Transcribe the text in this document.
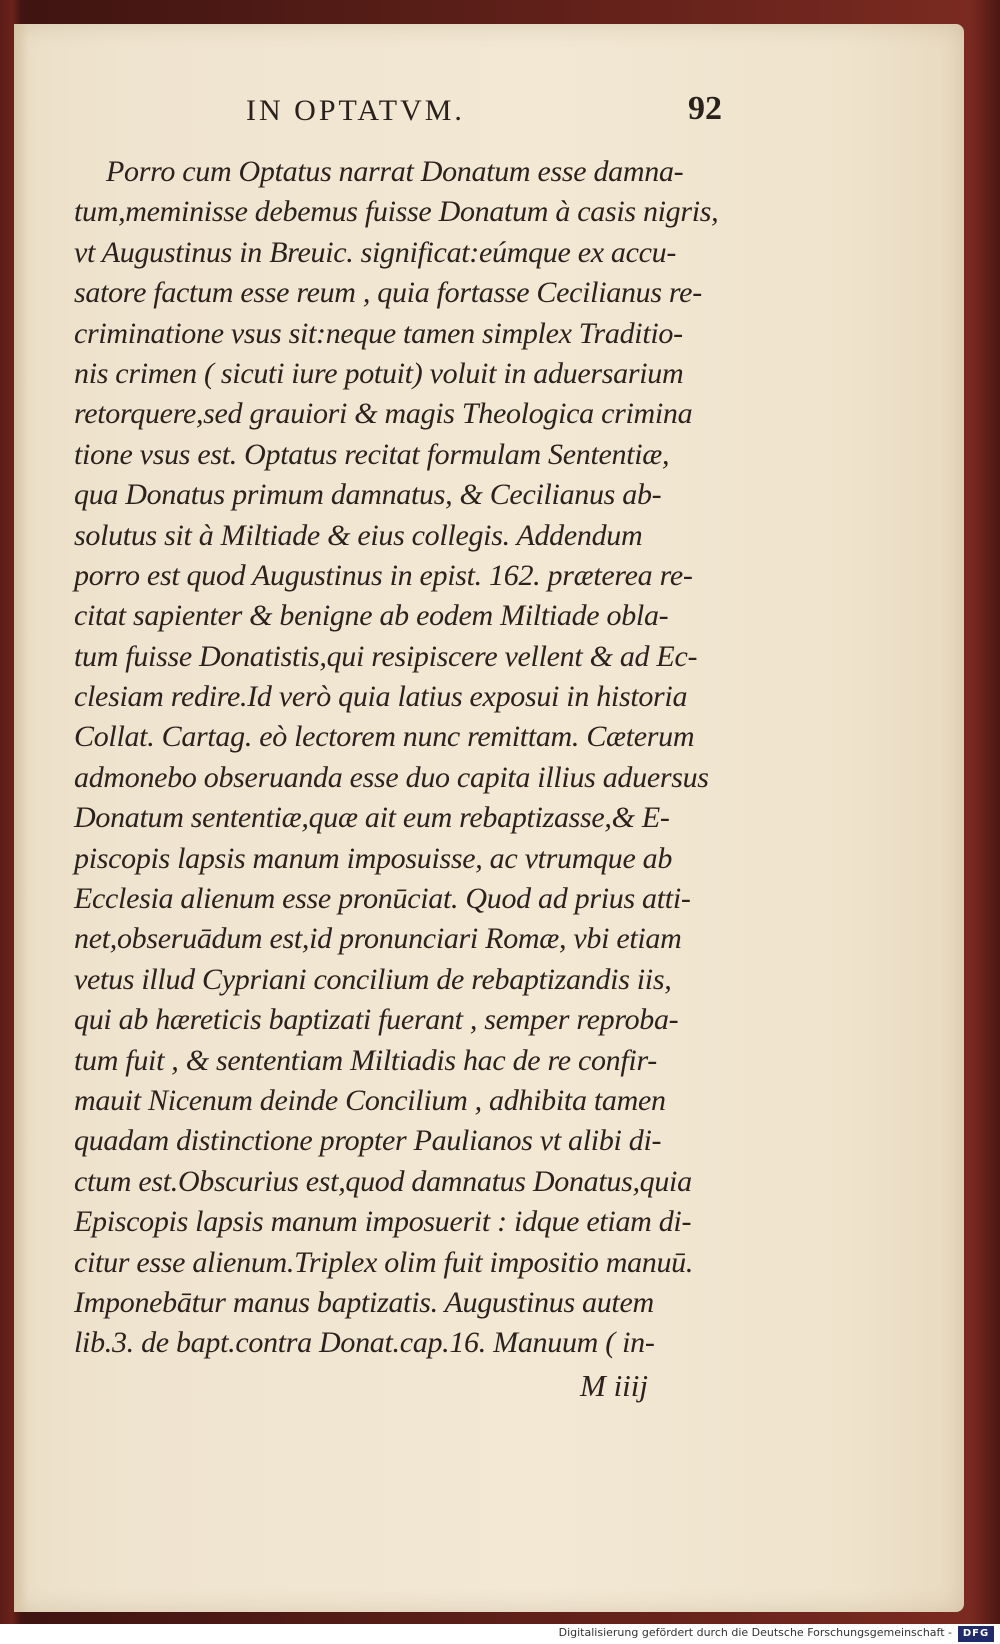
IN OPTATVM.	92
Porro cum Optatus narrat Donatum esse damna-
tum,meminisse debemus fuisse Donatum à casis nigris,
vt Augustinus in Breuic. significat:eúmque ex accu-
satore factum esse reum , quia fortasse Cecilianus re-
criminatione vsus sit:neque tamen simplex Traditio-
nis crimen ( sicuti iure potuit) voluit in aduersarium
retorquere,sed grauiori & magis Theologica crimina
tione vsus est. Optatus recitat formulam Sententiæ,
qua Donatus primum damnatus, & Cecilianus ab-
solutus sit à Miltiade & eius collegis. Addendum
porro est quod Augustinus in epist. 162. præterea re-
citat sapienter & benigne ab eodem Miltiade obla-
tum fuisse Donatistis,qui resipiscere vellent & ad Ec-
clesiam redire.Id verò quia latius exposui in historia
Collat. Cartag. eò lectorem nunc remittam. Cæterum
admonebo obseruanda esse duo capita illius aduersus
Donatum sententiæ,quæ ait eum rebaptizasse,& E-
piscopis lapsis manum imposuisse, ac vtrumque ab
Ecclesia alienum esse pronūciat. Quod ad prius atti-
net,obseruādum est,id pronunciari Romæ, vbi etiam
vetus illud Cypriani concilium de rebaptizandis iis,
qui ab hæreticis baptizati fuerant , semper reproba-
tum fuit , & sententiam Miltiadis hac de re confir-
mauit Nicenum deinde Concilium , adhibita tamen
quadam distinctione propter Paulianos vt alibi di-
ctum est.Obscurius est,quod damnatus Donatus,quia
Episcopis lapsis manum imposuerit : idque etiam di-
citur esse alienum.Triplex olim fuit impositio manuū.
Imponebātur manus baptizatis. Augustinus autem
lib.3. de bapt.contra Donat.cap.16. Manuum ( in-
M iiij
Digitalisierung gefördert durch die Deutsche Forschungsgemeinschaft -	DFG
